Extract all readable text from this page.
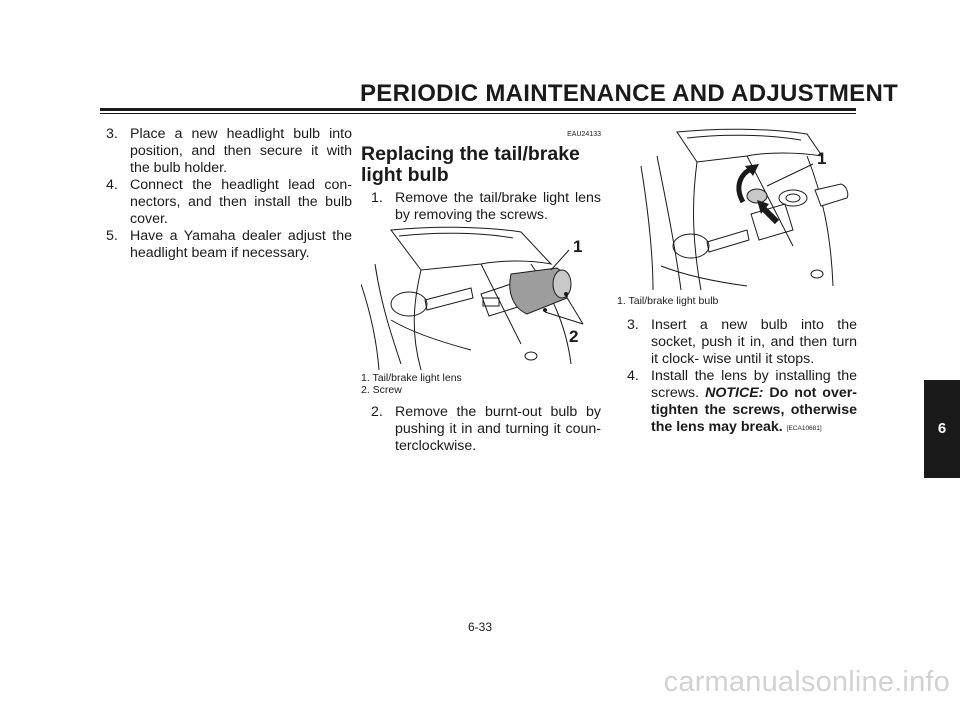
PERIODIC MAINTENANCE AND ADJUSTMENT
3. Place a new headlight bulb into position, and then secure it with the bulb holder.
4. Connect the headlight lead con- nectors, and then install the bulb cover.
5. Have a Yamaha dealer adjust the headlight beam if necessary.
EAU24133
Replacing the tail/brake light bulb
1. Remove the tail/brake light lens by removing the screws.
1
2
1. Tail/brake light lens
2. Screw
2. Remove the burnt-out bulb by pushing it in and turning it coun- terclockwise.
1
1. Tail/brake light bulb
3. Insert a new bulb into the socket, push it in, and then turn it clock- wise until it stops.
4. Install the lens by installing the screws. NOTICE: Do not over- tighten the screws, otherwise the lens may break. [ECA10681]	6
6-33
carmanualsonline.info
